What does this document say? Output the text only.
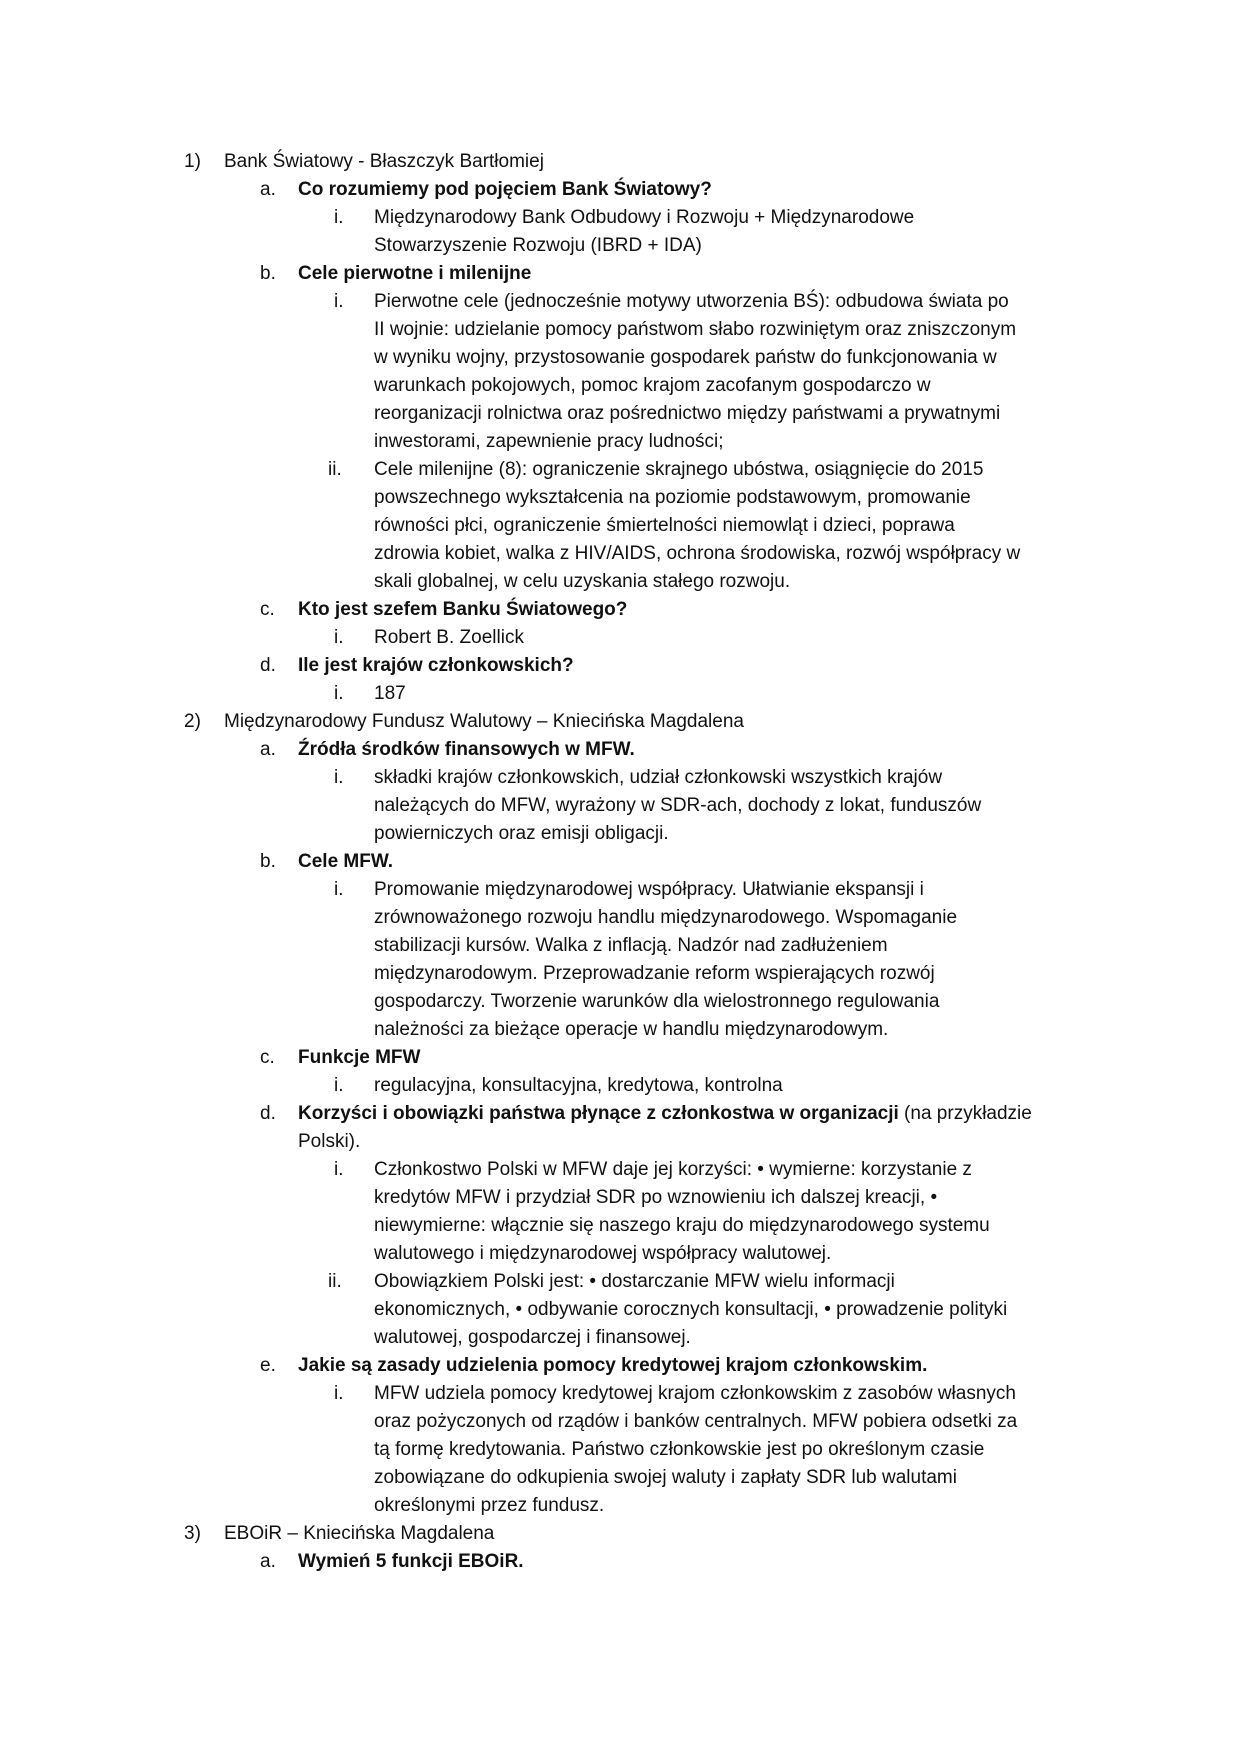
1) Bank Światowy - Błaszczyk Bartłomiej
a. Co rozumiemy pod pojęciem Bank Światowy?
i. Międzynarodowy Bank Odbudowy i Rozwoju + Międzynarodowe
Stowarzyszenie Rozwoju (IBRD + IDA)
b. Cele pierwotne i milenijne
i. Pierwotne cele (jednocześnie motywy utworzenia BŚ): odbudowa świata po
II wojnie: udzielanie pomocy państwom słabo rozwiniętym oraz zniszczonym
w wyniku wojny, przystosowanie gospodarek państw do funkcjonowania w
warunkach pokojowych, pomoc krajom zacofanym gospodarczo w
reorganizacji rolnictwa oraz pośrednictwo między państwami a prywatnymi
inwestorami, zapewnienie pracy ludności;
ii. Cele milenijne (8): ograniczenie skrajnego ubóstwa, osiągnięcie do 2015
powszechnego wykształcenia na poziomie podstawowym, promowanie
równości płci, ograniczenie śmiertelności niemowląt i dzieci, poprawa
zdrowia kobiet, walka z HIV/AIDS, ochrona środowiska, rozwój współpracy w
skali globalnej, w celu uzyskania stałego rozwoju.
c. Kto jest szefem Banku Światowego?
i. Robert B. Zoellick
d. Ile jest krajów członkowskich?
i. 187
2) Międzynarodowy Fundusz Walutowy – Kniecińska Magdalena
a. Źródła środków finansowych w MFW.
i. składki krajów członkowskich, udział członkowski wszystkich krajów
należących do MFW, wyrażony w SDR-ach, dochody z lokat, funduszów
powierniczych oraz emisji obligacji.
b. Cele MFW.
i. Promowanie międzynarodowej współpracy. Ułatwianie ekspansji i
zrównoważonego rozwoju handlu międzynarodowego. Wspomaganie
stabilizacji kursów. Walka z inflacją. Nadzór nad zadłużeniem
międzynarodowym. Przeprowadzanie reform wspierających rozwój
gospodarczy. Tworzenie warunków dla wielostronnego regulowania
należności za bieżące operacje w handlu międzynarodowym.
c. Funkcje MFW
i. regulacyjna, konsultacyjna, kredytowa, kontrolna
d. Korzyści i obowiązki państwa płynące z członkostwa w organizacji (na przykładzie
Polski).
i. Członkostwo Polski w MFW daje jej korzyści: • wymierne: korzystanie z
kredytów MFW i przydział SDR po wznowieniu ich dalszej kreacji, •
niewymierne: włącznie się naszego kraju do międzynarodowego systemu
walutowego i międzynarodowej współpracy walutowej.
ii. Obowiązkiem Polski jest: • dostarczanie MFW wielu informacji
ekonomicznych, • odbywanie corocznych konsultacji, • prowadzenie polityki
walutowej, gospodarczej i finansowej.
e. Jakie są zasady udzielenia pomocy kredytowej krajom członkowskim.
i. MFW udziela pomocy kredytowej krajom członkowskim z zasobów własnych
oraz pożyczonych od rządów i banków centralnych. MFW pobiera odsetki za
tą formę kredytowania. Państwo członkowskie jest po określonym czasie
zobowiązane do odkupienia swojej waluty i zapłaty SDR lub walutami
określonymi przez fundusz.
3) EBOiR – Kniecińska Magdalena
a. Wymień 5 funkcji EBOiR.
